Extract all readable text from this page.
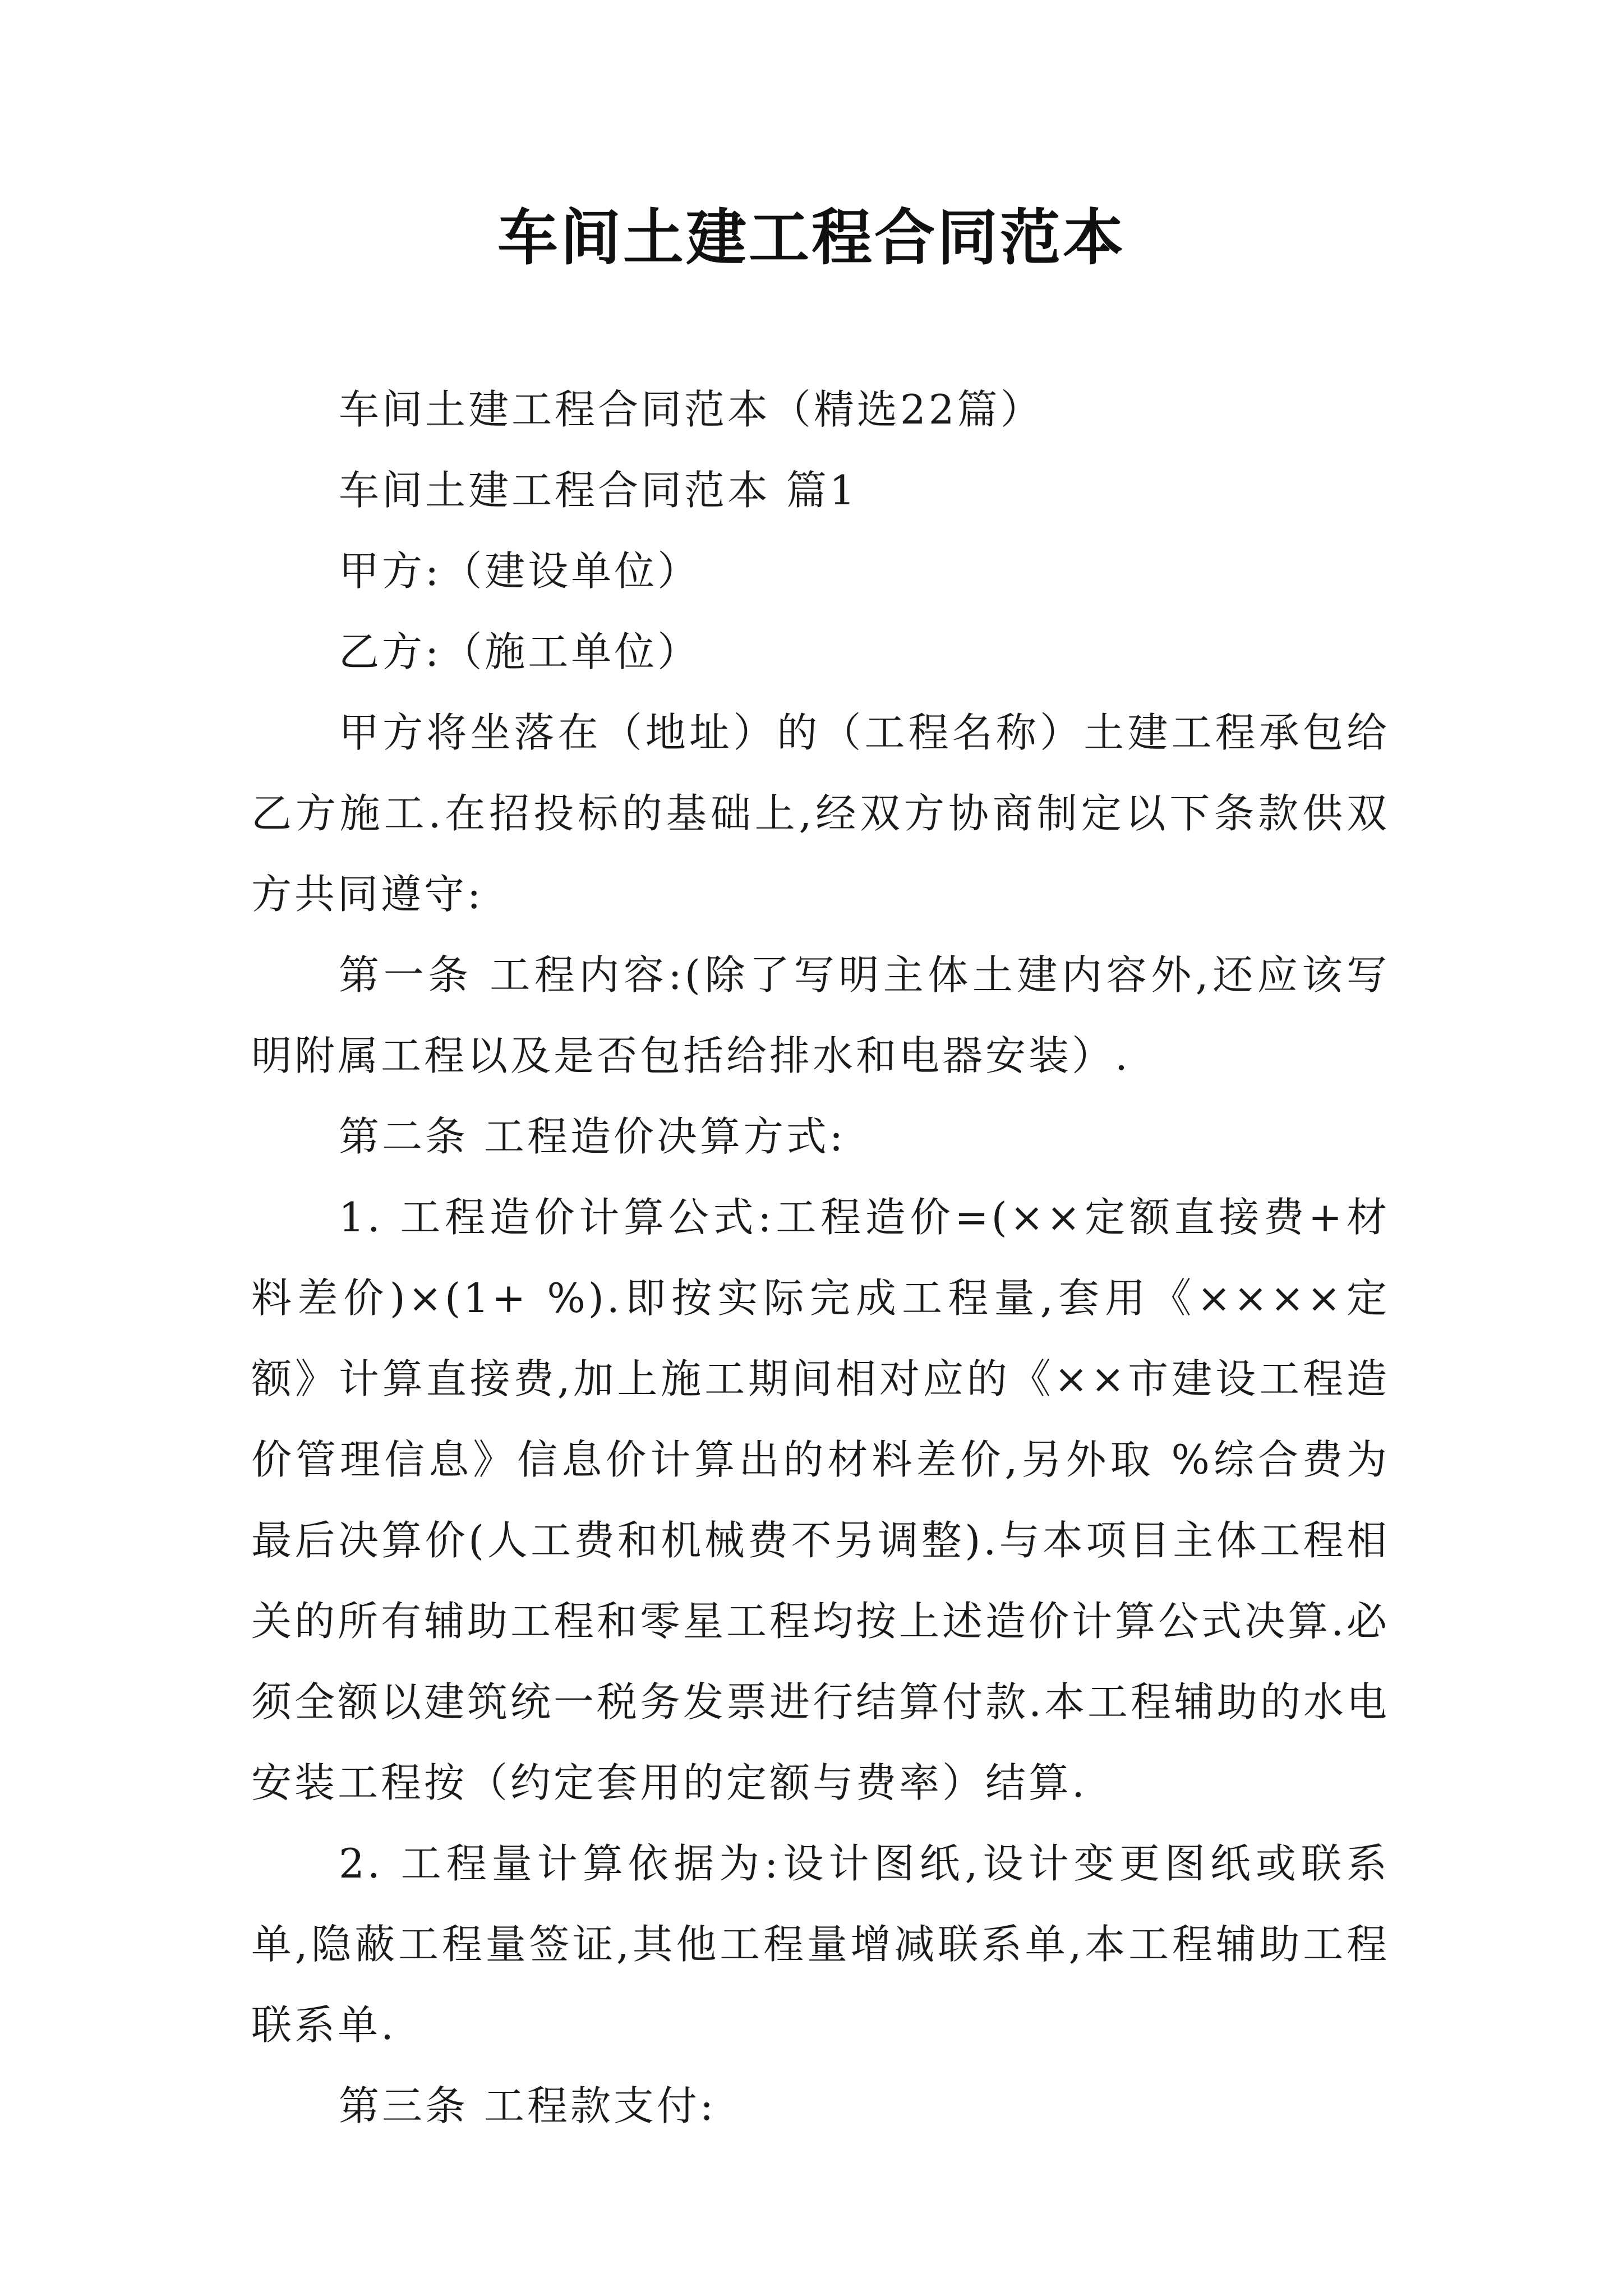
车间土建工程合同范本

车间土建工程合同范本（精选22篇）

车间土建工程合同范本 篇1

甲方:（建设单位）

乙方:（施工单位）

甲方将坐落在（地址）的（工程名称）土建工程承包给乙方施工.在招投标的基础上,经双方协商制定以下条款供双方共同遵守:

第一条 工程内容:(除了写明主体土建内容外,还应该写明附属工程以及是否包括给排水和电器安装）.

第二条 工程造价决算方式:

1. 工程造价计算公式:工程造价=(××定额直接费+材料差价)×(1+ %).即按实际完成工程量,套用《××××定额》计算直接费,加上施工期间相对应的《××市建设工程造价管理信息》信息价计算出的材料差价,另外取 %综合费为最后决算价(人工费和机械费不另调整).与本项目主体工程相关的所有辅助工程和零星工程均按上述造价计算公式决算.必须全额以建筑统一税务发票进行结算付款.本工程辅助的水电安装工程按（约定套用的定额与费率）结算.

2. 工程量计算依据为:设计图纸,设计变更图纸或联系单,隐蔽工程量签证,其他工程量增减联系单,本工程辅助工程联系单.

第三条 工程款支付:
